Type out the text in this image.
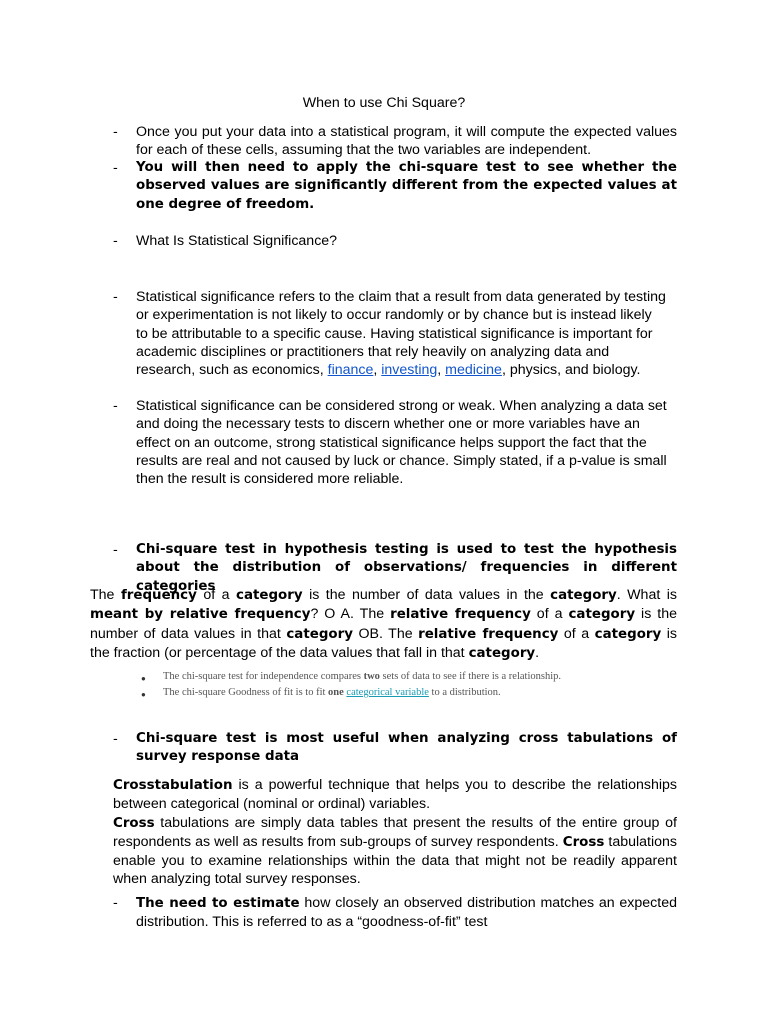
When to use Chi Square?
- Once you put your data into a statistical program, it will compute the expected values for each of these cells, assuming that the two variables are independent.
- You will then need to apply the chi-square test to see whether the observed values are significantly different from the expected values at one degree of freedom.
- What Is Statistical Significance?
- Statistical significance refers to the claim that a result from data generated by testing or experimentation is not likely to occur randomly or by chance but is instead likely to be attributable to a specific cause. Having statistical significance is important for academic disciplines or practitioners that rely heavily on analyzing data and research, such as economics, finance, investing, medicine, physics, and biology.
- Statistical significance can be considered strong or weak. When analyzing a data set and doing the necessary tests to discern whether one or more variables have an effect on an outcome, strong statistical significance helps support the fact that the results are real and not caused by luck or chance. Simply stated, if a p-value is small then the result is considered more reliable.
- Chi-square test in hypothesis testing is used to test the hypothesis about the distribution of observations/ frequencies in different categories
The frequency of a category is the number of data values in the category. What is meant by relative frequency? O A. The relative frequency of a category is the number of data values in that category OB. The relative frequency of a category is the fraction (or percentage of the data values that fall in that category.
● The chi-square test for independence compares two sets of data to see if there is a relationship.
● The chi-square Goodness of fit is to fit one categorical variable to a distribution.
- Chi-square test is most useful when analyzing cross tabulations of survey response data
Crosstabulation is a powerful technique that helps you to describe the relationships between categorical (nominal or ordinal) variables.
Cross tabulations are simply data tables that present the results of the entire group of respondents as well as results from sub-groups of survey respondents. Cross tabulations enable you to examine relationships within the data that might not be readily apparent when analyzing total survey responses.
- The need to estimate how closely an observed distribution matches an expected distribution. This is referred to as a “goodness-of-fit” test
